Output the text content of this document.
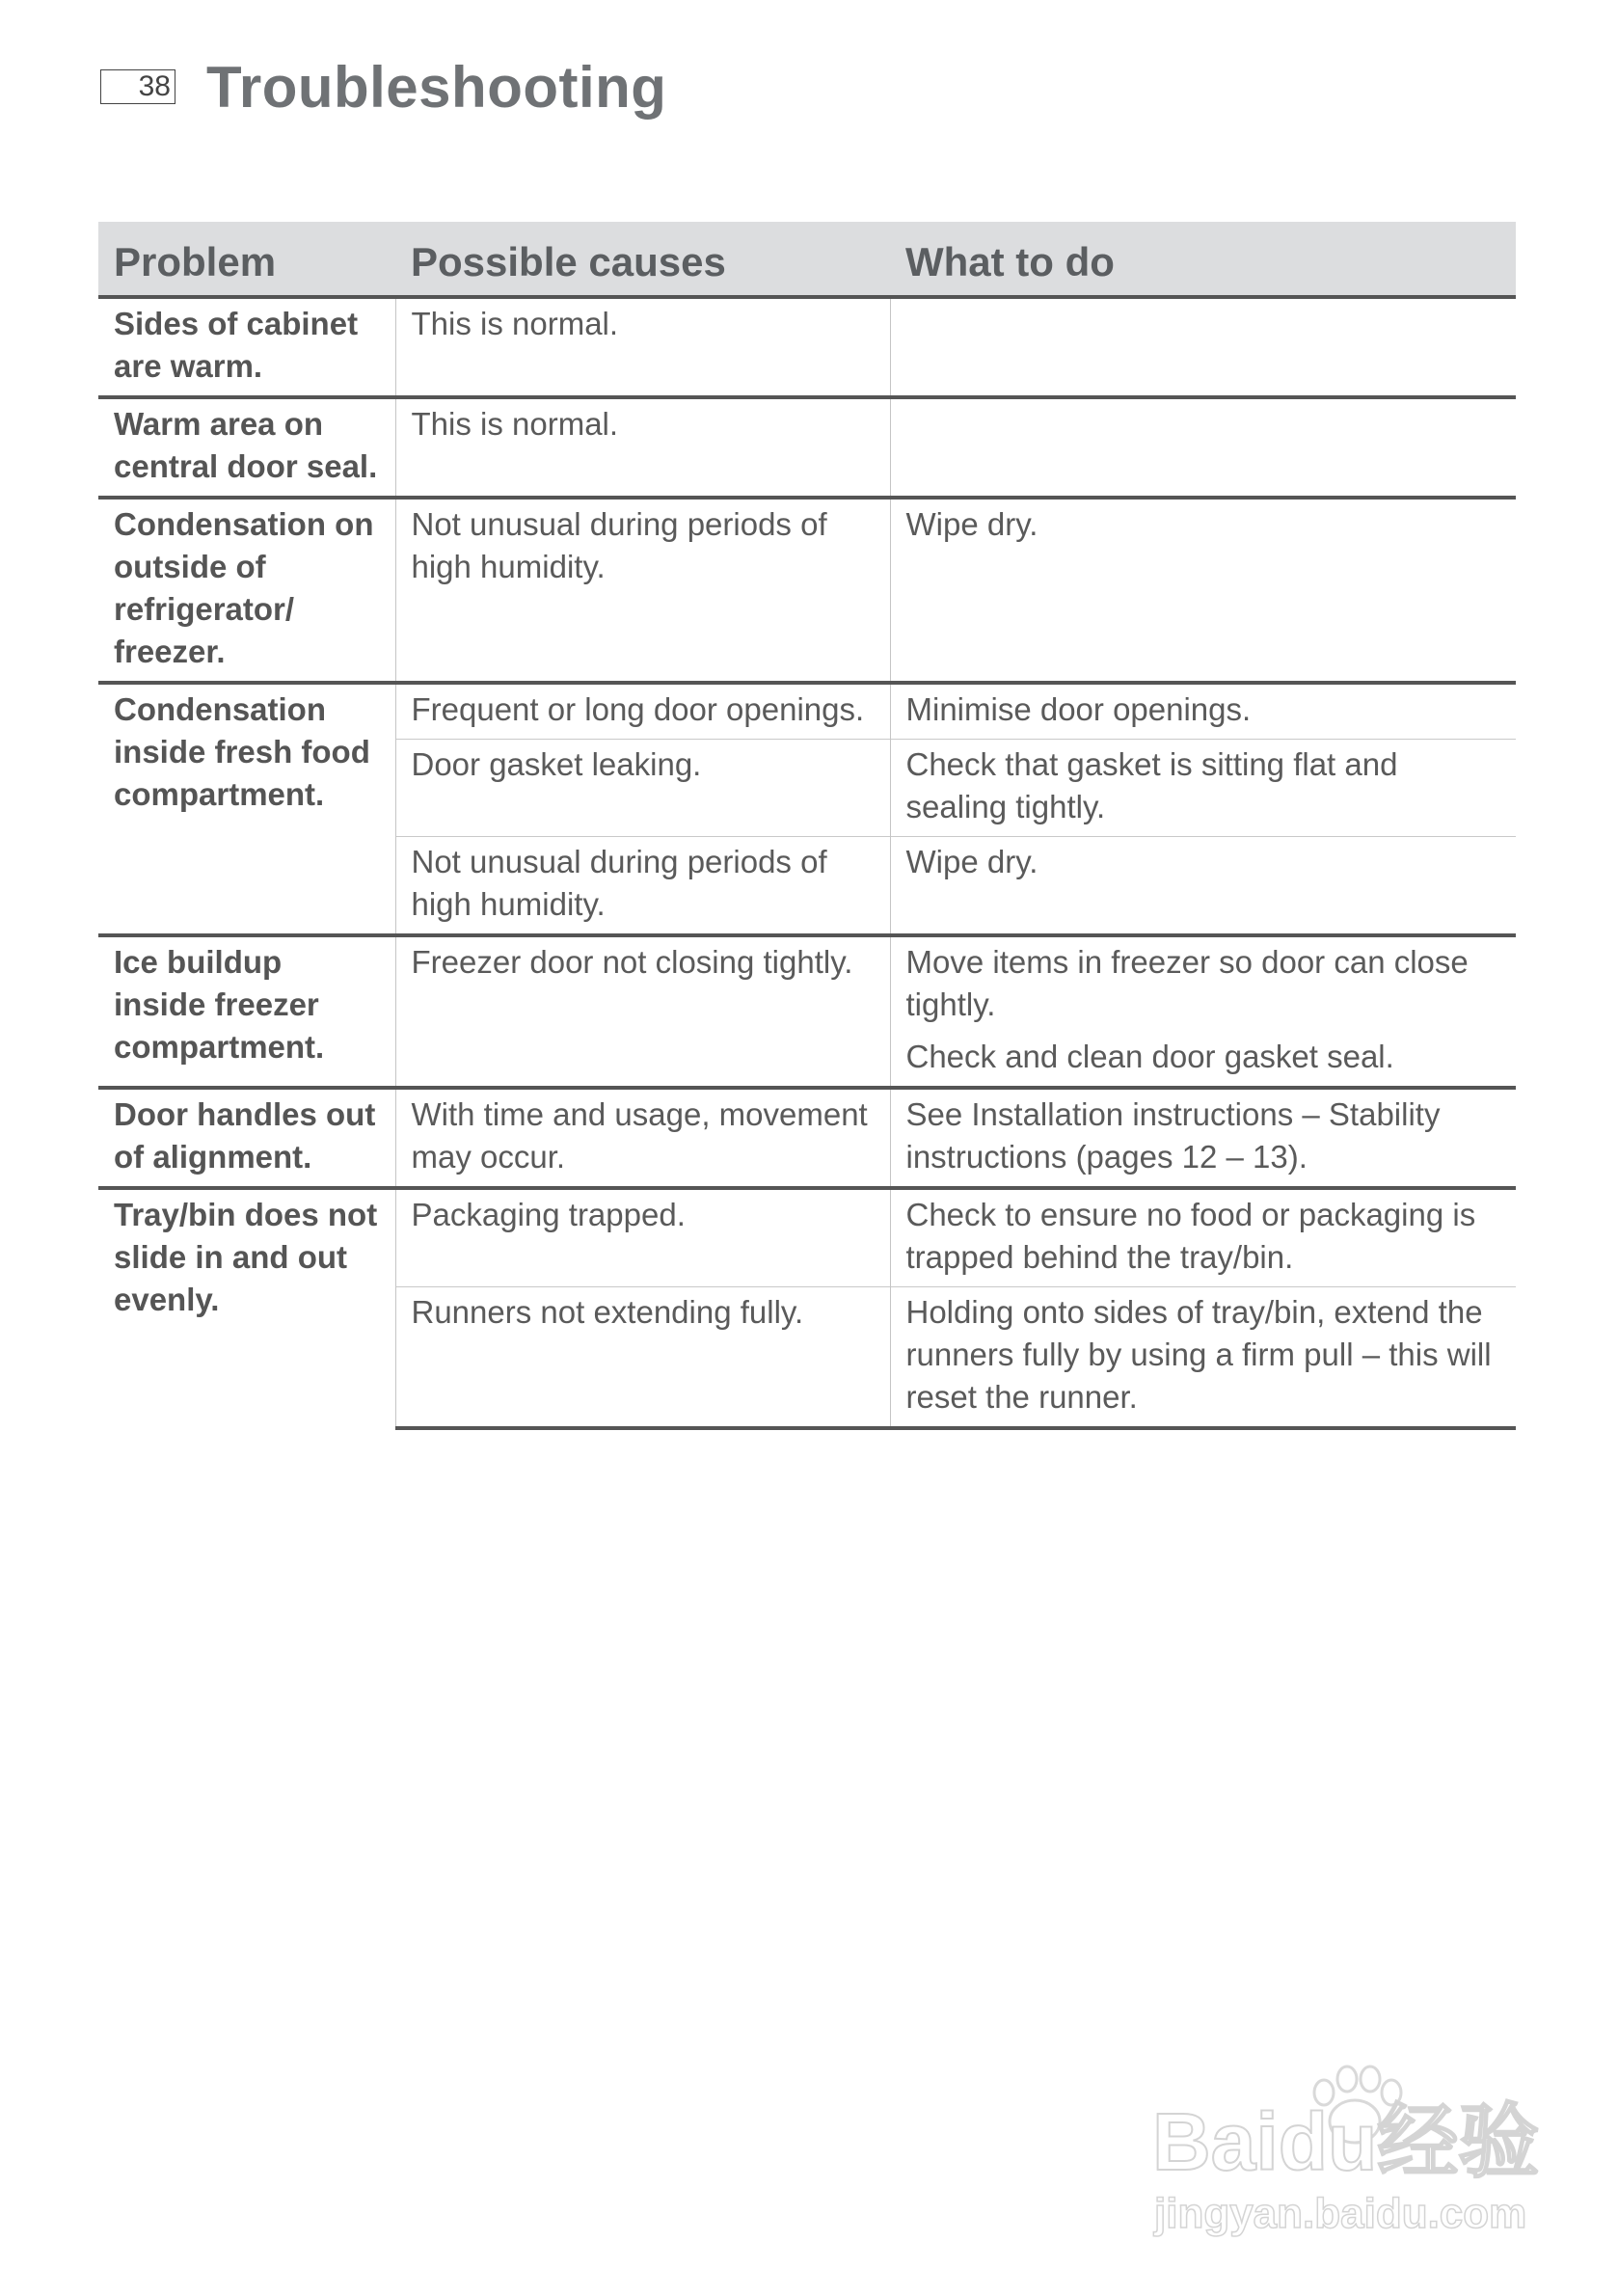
38 Troubleshooting
Problem	Possible causes	What to do
Sides of cabinet are warm.	This is normal.	

Warm area on central door seal.	This is normal.	

Condensation on outside of refrigerator/ freezer.	Not unusual during periods of high humidity.	Wipe dry.

Condensation inside fresh food compartment.	Frequent or long door openings.	Minimise door openings.

	Door gasket leaking.	Check that gasket is sitting flat and sealing tightly.

	Not unusual during periods of high humidity.	Wipe dry.

Ice buildup inside freezer compartment.	Freezer door not closing tightly.	Move items in freezer so door can close tightly.
Check and clean door gasket seal.

Door handles out of alignment.	With time and usage, movement may occur.	See Installation instructions – Stability instructions (pages 12 – 13).

Tray/bin does not slide in and out evenly.	Packaging trapped.	Check to ensure no food or packaging is trapped behind the tray/bin.

	Runners not extending fully.	Holding onto sides of tray/bin, extend the runners fully by using a firm pull – this will reset the runner.
Baidu经验
jingyan.baidu.com
